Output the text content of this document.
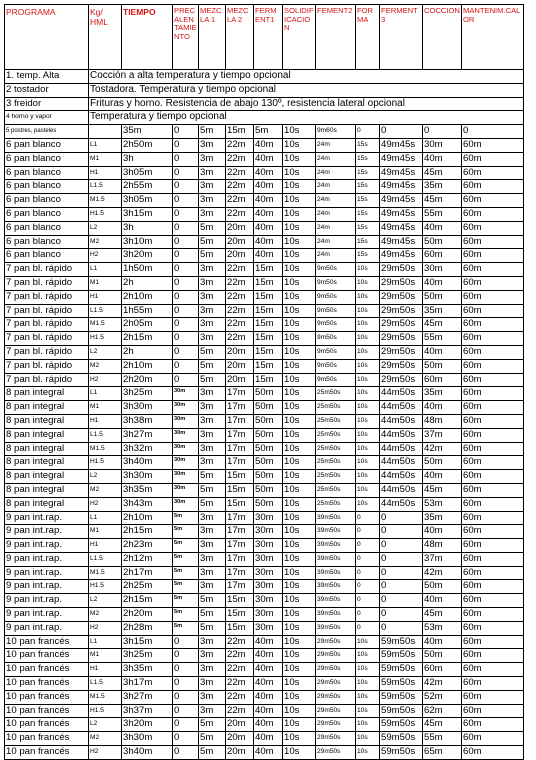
PROGRAMA	Kg/ HML	TIEMPO	PRECALENTAMIENTO	MEZCLA 1	MEZCLA 2	FERMENT1	SOLIDIFICACION	FEMENT2	FORMA	FERMENT3	COCCION	MANTENIM.CALOR
1. temp. Alta	Cocción a alta temperatura y tiempo opcional											
2 tostador	Tostadora. Temperatura y tiempo opcional											
3 freidor	Frituras y horno. Resistencia de abajo 130º, resistencia lateral opcional											
4 horno y vapor	Temperatura y tiempo opcional											
5 postres, pasteles		35m	0	5m	15m	5m	10s	9m60s	0	0	0	0
6 pan blanco	L1	2h50m	0	3m	22m	40m	10s	24m	15s	49m45s	30m	60m
6 pan blanco	M1	3h	0	3m	22m	40m	10s	24m	15s	49m45s	40m	60m
6 pan blanco	H1	3h05m	0	3m	22m	40m	10s	24m	15s	49m45s	45m	60m
6 pan blanco	L1.5	2h55m	0	3m	22m	40m	10s	24m	15s	49m45s	35m	60m
6 pan blanco	M1.5	3h05m	0	3m	22m	40m	10s	24m	15s	49m45s	45m	60m
6 pan blanco	H1.5	3h15m	0	3m	22m	40m	10s	24m	15s	49m45s	55m	60m
6 pan blanco	L2	3h	0	5m	20m	40m	10s	24m	15s	49m45s	40m	60m
6 pan blanco	M2	3h10m	0	5m	20m	40m	10s	24m	15s	49m45s	50m	60m
6 pan blanco	H2	3h20m	0	5m	20m	40m	10s	24m	15s	49m45s	60m	60m
7 pan bl. rápido	L1	1h50m	0	3m	22m	15m	10s	9m50s	10s	29m50s	30m	60m
7 pan bl. rápido	M1	2h	0	3m	22m	15m	10s	9m50s	10s	29m50s	40m	60m
7 pan bl. rápido	H1	2h10m	0	3m	22m	15m	10s	9m50s	10s	29m50s	50m	60m
7 pan bl. rápido	L1.5	1h55m	0	3m	22m	15m	10s	9m50s	10s	29m50s	35m	60m
7 pan bl. rápido	M1.5	2h05m	0	3m	22m	15m	10s	9m50s	10s	29m50s	45m	60m
7 pan bl. rápido	H1.5	2h15m	0	3m	22m	15m	10s	9m50s	10s	29m50s	55m	60m
7 pan bl. rápido	L2	2h	0	5m	20m	15m	10s	9m50s	10s	29m50s	40m	60m
7 pan bl. rápido	M2	2h10m	0	5m	20m	15m	10s	9m50s	10s	29m50s	50m	60m
7 pan bl. rápido	H2	2h20m	0	5m	20m	15m	10s	9m50s	10s	29m50s	60m	60m
8 pan integral	L1	3h25m	30m	3m	17m	50m	10s	25m50s	10s	44m50s	35m	60m
8 pan integral	M1	3h30m	30m	3m	17m	50m	10s	25m50s	10s	44m50s	40m	60m
8 pan integral	H1	3h38m	30m	3m	17m	50m	10s	25m50s	10s	44m50s	48m	60m
8 pan integral	L1.5	3h27m	30m	3m	17m	50m	10s	25m50s	10s	44m50s	37m	60m
8 pan integral	M1.5	3h32m	30m	3m	17m	50m	10s	25m50s	10s	44m50s	42m	60m
8 pan integral	H1.5	3h40m	30m	3m	17m	50m	10s	25m50s	10s	44m50s	50m	60m
8 pan integral	L2	3h30m	30m	5m	15m	50m	10s	25m50s	10s	44m50s	40m	60m
8 pan integral	M2	3h35m	30m	5m	15m	50m	10s	25m50s	10s	44m50s	45m	60m
8 pan integral	H2	3h43m	30m	5m	15m	50m	10s	25m50s	10s	44m50s	53m	60m
9 pan int.rap.	L1	2h10m	5m	3m	17m	30m	10s	39m50s	0	0	35m	60m
9 pan int.rap.	M1	2h15m	5m	3m	17m	30m	10s	39m50s	0	0	40m	60m
9 pan int.rap.	H1	2h23m	5m	3m	17m	30m	10s	39m50s	0	0	48m	60m
9 pan int.rap.	L1.5	2h12m	5m	3m	17m	30m	10s	39m50s	0	0	37m	60m
9 pan int.rap.	M1.5	2h17m	5m	3m	17m	30m	10s	39m50s	0	0	42m	60m
9 pan int.rap.	H1.5	2h25m	5m	3m	17m	30m	10s	39m50s	0	0	50m	60m
9 pan int.rap.	L2	2h15m	5m	5m	15m	30m	10s	39m50s	0	0	40m	60m
9 pan int.rap.	M2	2h20m	5m	5m	15m	30m	10s	39m50s	0	0	45m	60m
9 pan int.rap.	H2	2h28m	5m	5m	15m	30m	10s	39m50s	0	0	53m	60m
10 pan francés	L1	3h15m	0	3m	22m	40m	10s	29m50s	10s	59m50s	40m	60m
10 pan francés	M1	3h25m	0	3m	22m	40m	10s	29m50s	10s	59m50s	50m	60m
10 pan francés	H1	3h35m	0	3m	22m	40m	10s	29m50s	10s	59m50s	60m	60m
10 pan francés	L1.5	3h17m	0	3m	22m	40m	10s	29m50s	10s	59m50s	42m	60m
10 pan francés	M1.5	3h27m	0	3m	22m	40m	10s	29m50s	10s	59m50s	52m	60m
10 pan francés	H1.5	3h37m	0	3m	22m	40m	10s	29m50s	10s	59m50s	62m	60m
10 pan francés	L2	3h20m	0	5m	20m	40m	10s	29m50s	10s	59m50s	45m	60m
10 pan francés	M2	3h30m	0	5m	20m	40m	10s	29m50s	10s	59m50s	55m	60m
10 pan francés	H2	3h40m	0	5m	20m	40m	10s	29m50s	10s	59m50s	65m	60m
